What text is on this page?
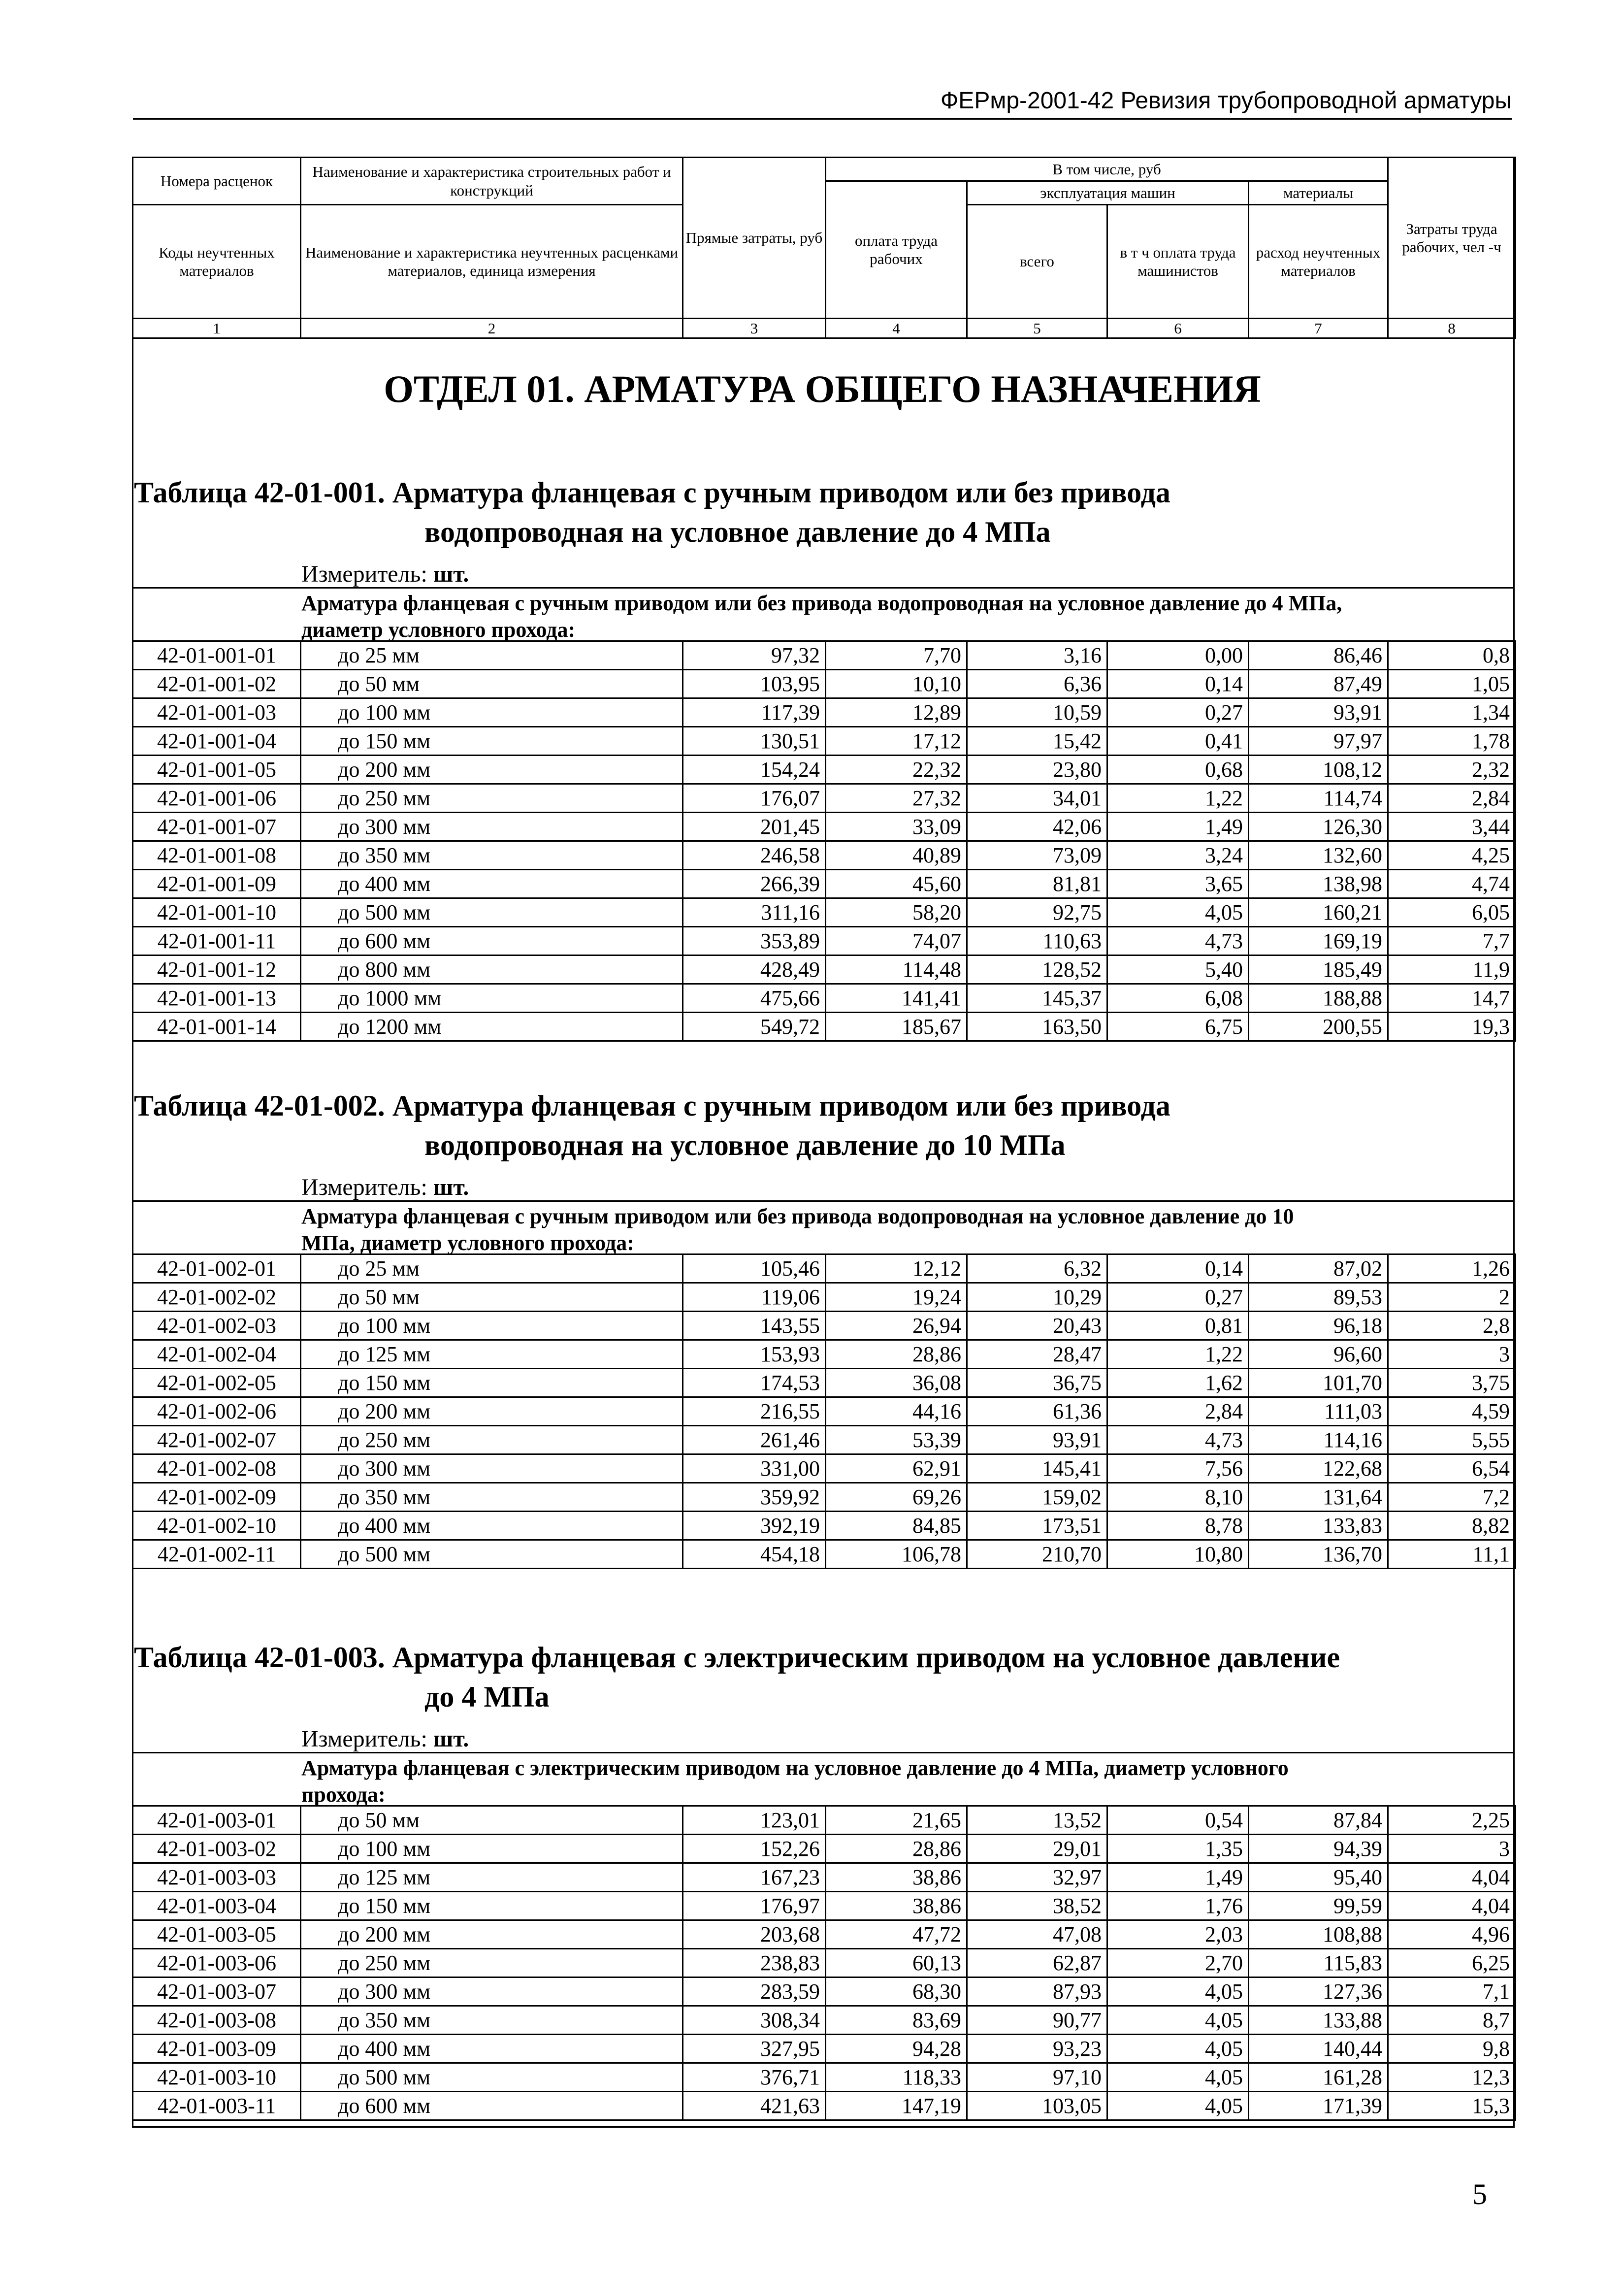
ФЕРмр-2001-42 Ревизия трубопроводной арматуры
Номера расценок	Наименование и характеристика строительных работ и конструкций	Прямые затраты, руб	В том числе, руб				Затраты труда рабочих, чел -ч
			оплата труда рабочих	эксплуатация машин		материалы	
Коды неучтенных материалов	Наименование и характеристика неучтенных расценками материалов, единица измерения			всего	в т ч оплата труда машинистов	расход неучтенных материалов	

1	2	3	4	5	6	7	8
ОТДЕЛ 01. АРМАТУРА ОБЩЕГО НАЗНАЧЕНИЯ
Таблица 42-01-001. Арматура фланцевая с ручным приводом или без привода
водопроводная на условное давление до 4 МПа
Измеритель: шт.
Арматура фланцевая с ручным приводом или без привода водопроводная на условное давление до 4 МПа,
диаметр условного прохода:
42-01-001-01	до 25 мм	97,32	7,70	3,16	0,00	86,46	0,8
42-01-001-02	до 50 мм	103,95	10,10	6,36	0,14	87,49	1,05
42-01-001-03	до 100 мм	117,39	12,89	10,59	0,27	93,91	1,34
42-01-001-04	до 150 мм	130,51	17,12	15,42	0,41	97,97	1,78
42-01-001-05	до 200 мм	154,24	22,32	23,80	0,68	108,12	2,32
42-01-001-06	до 250 мм	176,07	27,32	34,01	1,22	114,74	2,84
42-01-001-07	до 300 мм	201,45	33,09	42,06	1,49	126,30	3,44
42-01-001-08	до 350 мм	246,58	40,89	73,09	3,24	132,60	4,25
42-01-001-09	до 400 мм	266,39	45,60	81,81	3,65	138,98	4,74
42-01-001-10	до 500 мм	311,16	58,20	92,75	4,05	160,21	6,05
42-01-001-11	до 600 мм	353,89	74,07	110,63	4,73	169,19	7,7
42-01-001-12	до 800 мм	428,49	114,48	128,52	5,40	185,49	11,9
42-01-001-13	до 1000 мм	475,66	141,41	145,37	6,08	188,88	14,7
42-01-001-14	до 1200 мм	549,72	185,67	163,50	6,75	200,55	19,3
Таблица 42-01-002. Арматура фланцевая с ручным приводом или без привода
водопроводная на условное давление до 10 МПа
Измеритель: шт.
Арматура фланцевая с ручным приводом или без привода водопроводная на условное давление до 10
МПа, диаметр условного прохода:
42-01-002-01	до 25 мм	105,46	12,12	6,32	0,14	87,02	1,26
42-01-002-02	до 50 мм	119,06	19,24	10,29	0,27	89,53	2
42-01-002-03	до 100 мм	143,55	26,94	20,43	0,81	96,18	2,8
42-01-002-04	до 125 мм	153,93	28,86	28,47	1,22	96,60	3
42-01-002-05	до 150 мм	174,53	36,08	36,75	1,62	101,70	3,75
42-01-002-06	до 200 мм	216,55	44,16	61,36	2,84	111,03	4,59
42-01-002-07	до 250 мм	261,46	53,39	93,91	4,73	114,16	5,55
42-01-002-08	до 300 мм	331,00	62,91	145,41	7,56	122,68	6,54
42-01-002-09	до 350 мм	359,92	69,26	159,02	8,10	131,64	7,2
42-01-002-10	до 400 мм	392,19	84,85	173,51	8,78	133,83	8,82
42-01-002-11	до 500 мм	454,18	106,78	210,70	10,80	136,70	11,1
Таблица 42-01-003. Арматура фланцевая с электрическим приводом на условное давление
до 4 МПа
Измеритель: шт.
Арматура фланцевая с электрическим приводом на условное давление до 4 МПа, диаметр условного
прохода:
42-01-003-01	до 50 мм	123,01	21,65	13,52	0,54	87,84	2,25
42-01-003-02	до 100 мм	152,26	28,86	29,01	1,35	94,39	3
42-01-003-03	до 125 мм	167,23	38,86	32,97	1,49	95,40	4,04
42-01-003-04	до 150 мм	176,97	38,86	38,52	1,76	99,59	4,04
42-01-003-05	до 200 мм	203,68	47,72	47,08	2,03	108,88	4,96
42-01-003-06	до 250 мм	238,83	60,13	62,87	2,70	115,83	6,25
42-01-003-07	до 300 мм	283,59	68,30	87,93	4,05	127,36	7,1
42-01-003-08	до 350 мм	308,34	83,69	90,77	4,05	133,88	8,7
42-01-003-09	до 400 мм	327,95	94,28	93,23	4,05	140,44	9,8
42-01-003-10	до 500 мм	376,71	118,33	97,10	4,05	161,28	12,3
42-01-003-11	до 600 мм	421,63	147,19	103,05	4,05	171,39	15,3
5
